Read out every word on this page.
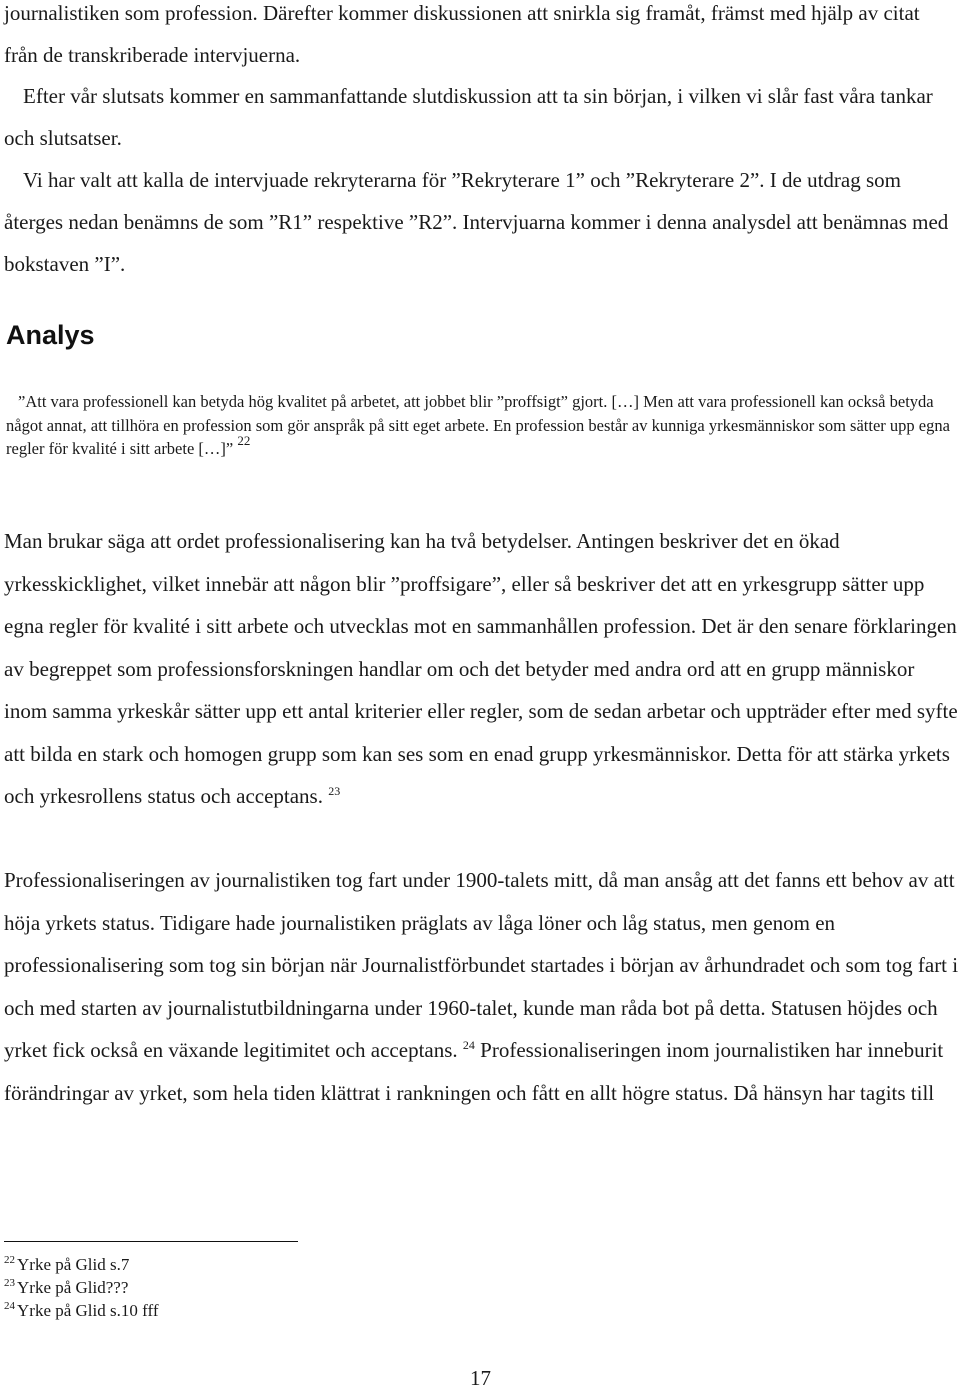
journalistiken som profession. Därefter kommer diskussionen att snirkla sig framåt, främst med hjälp av citat från de transkriberade intervjuerna.

Efter vår slutsats kommer en sammanfattande slutdiskussion att ta sin början, i vilken vi slår fast våra tankar och slutsatser.

Vi har valt att kalla de intervjuade rekryterarna för ”Rekryterare 1” och ”Rekryterare 2”. I de utdrag som återges nedan benämns de som ”R1” respektive ”R2”. Intervjuarna kommer i denna analysdel att benämnas med bokstaven ”I”.

Analys

”Att vara professionell kan betyda hög kvalitet på arbetet, att jobbet blir ”proffsigt” gjort. […] Men att vara professionell kan också betyda något annat, att tillhöra en profession som gör anspråk på sitt eget arbete. En profession består av kunniga yrkesmänniskor som sätter upp egna regler för kvalité i sitt arbete […]” $^{22}$

Man brukar säga att ordet professionalisering kan ha två betydelser. Antingen beskriver det en ökad yrkesskicklighet, vilket innebär att någon blir ”proffsigare”, eller så beskriver det att en yrkesgrupp sätter upp egna regler för kvalité i sitt arbete och utvecklas mot en sammanhållen profession. Det är den senare förklaringen av begreppet som professionsforskningen handlar om och det betyder med andra ord att en grupp människor inom samma yrkeskår sätter upp ett antal kriterier eller regler, som de sedan arbetar och uppträder efter med syfte att bilda en stark och homogen grupp som kan ses som en enad grupp yrkesmänniskor. Detta för att stärka yrkets och yrkesrollens status och acceptans. $^{23}$

Professionaliseringen av journalistiken tog fart under 1900-talets mitt, då man ansåg att det fanns ett behov av att höja yrkets status. Tidigare hade journalistiken präglats av låga löner och låg status, men genom en professionalisering som tog sin början när Journalistförbundet startades i början av århundradet och som tog fart i och med starten av journalistutbildningarna under 1960-talet, kunde man råda bot på detta. Statusen höjdes och yrket fick också en växande legitimitet och acceptans. $^{24}$ Professionaliseringen inom journalistiken har inneburit förändringar av yrket, som hela tiden klättrat i rankningen och fått en allt högre status. Då hänsyn har tagits till

$^{22}$ Yrke på Glid s.7

$^{23}$ Yrke på Glid???

$^{24}$ Yrke på Glid s.10 fff

17
